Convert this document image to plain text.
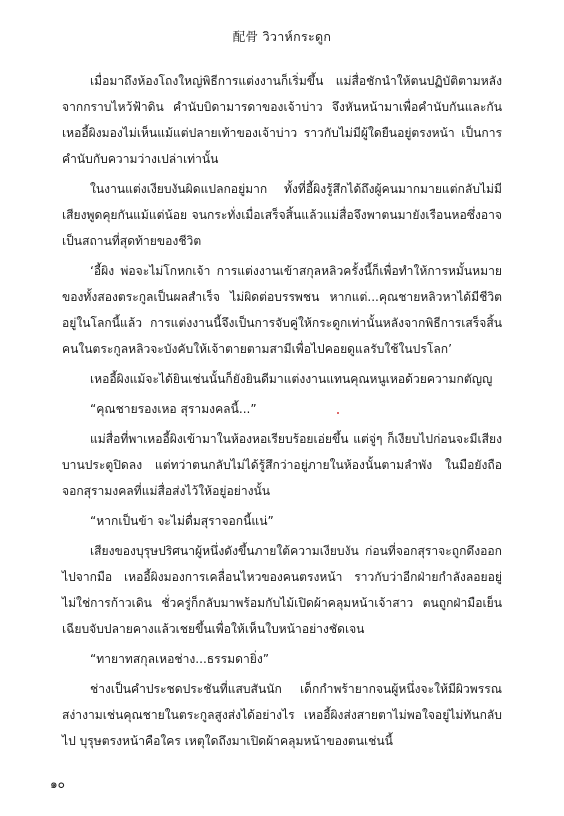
配骨 วิวาห์กระดูก

เมื่อมาถึงห้องโถงใหญ่พิธีการแต่งงานก็เริ่มขึ้น แม่สื่อชักนำให้ตนปฏิบัติตามหลังจากกราบไหว้ฟ้าดิน คำนับบิดามารดาของเจ้าบ่าว จึงหันหน้ามาเพื่อคำนับกันและกัน เหออี้ผิงมองไม่เห็นแม้แต่ปลายเท้าของเจ้าบ่าว ราวกับไม่มีผู้ใดยืนอยู่ตรงหน้า เป็นการคำนับกับความว่างเปล่าเท่านั้น

ในงานแต่งเงียบงันผิดแปลกอยู่มาก ทั้งที่อี้ผิงรู้สึกได้ถึงผู้คนมากมายแต่กลับไม่มีเสียงพูดคุยกันแม้แต่น้อย จนกระทั่งเมื่อเสร็จสิ้นแล้วแม่สื่อจึงพาตนมายังเรือนหอซึ่งอาจเป็นสถานที่สุดท้ายของชีวิต

‘อี้ผิง พ่อจะไม่โกหกเจ้า การแต่งงานเข้าสกุลหลิวครั้งนี้ก็เพื่อทำให้การหมั้นหมายของทั้งสองตระกูลเป็นผลสำเร็จ ไม่ผิดต่อบรรพชน หากแต่...คุณชายหลิวหาได้มีชีวิตอยู่ในโลกนี้แล้ว การแต่งงานนี้จึงเป็นการจับคู่ให้กระดูกเท่านั้นหลังจากพิธีการเสร็จสิ้น คนในตระกูลหลิวจะบังคับให้เจ้าตายตามสามีเพื่อไปคอยดูแลรับใช้ในปรโลก’

เหออี้ผิงแม้จะได้ยินเช่นนั้นก็ยังยินดีมาแต่งงานแทนคุณหนูเหอด้วยความกตัญญู

“คุณชายรองเหอ สุรามงคลนี้...”

แม่สื่อที่พาเหออี้ผิงเข้ามาในห้องหอเรียบร้อยเอ่ยขึ้น แต่จู่ๆ ก็เงียบไปก่อนจะมีเสียงบานประตูปิดลง แต่ทว่าตนกลับไม่ได้รู้สึกว่าอยู่ภายในห้องนั้นตามลำพัง ในมือยังถือจอกสุรามงคลที่แม่สื่อส่งไว้ให้อยู่อย่างนั้น

“หากเป็นข้า จะไม่ดื่มสุราจอกนี้แน่”

เสียงของบุรุษปริศนาผู้หนึ่งดังขึ้นภายใต้ความเงียบงัน ก่อนที่จอกสุราจะถูกดึงออกไปจากมือ เหออี้ผิงมองการเคลื่อนไหวของคนตรงหน้า ราวกับว่าอีกฝ่ายกำลังลอยอยู่ ไม่ใช่การก้าวเดิน ชั่วครู่ก็กลับมาพร้อมกับไม้เปิดผ้าคลุมหน้าเจ้าสาว ตนถูกฝ่ามือเย็นเฉียบจับปลายคางแล้วเชยขึ้นเพื่อให้เห็นใบหน้าอย่างชัดเจน

“ทายาทสกุลเหอช่าง...ธรรมดายิ่ง”

ช่างเป็นคำประชดประชันที่แสบสันนัก เด็กกำพร้ายากจนผู้หนึ่งจะให้มีผิวพรรณสง่างามเช่นคุณชายในตระกูลสูงส่งได้อย่างไร เหออี้ผิงส่งสายตาไม่พอใจอยู่ไม่ทันกลับไป บุรุษตรงหน้าคือใคร เหตุใดถึงมาเปิดผ้าคลุมหน้าของตนเช่นนี้

๑๐
